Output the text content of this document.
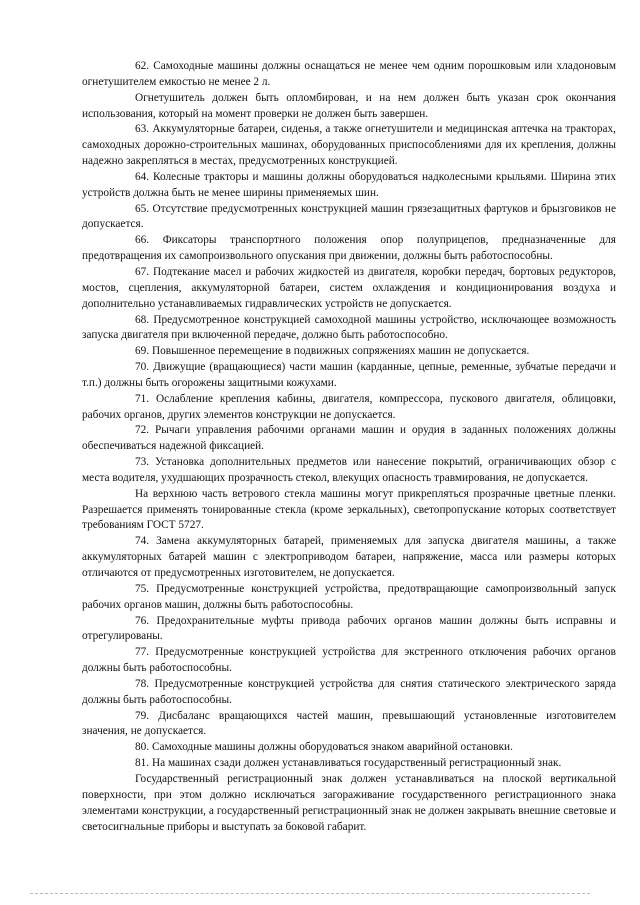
62. Самоходные машины должны оснащаться не менее чем одним порошковым или хладоновым огнетушителем емкостью не менее 2 л.

Огнетушитель должен быть опломбирован, и на нем должен быть указан срок окончания использования, который на момент проверки не должен быть завершен.

63. Аккумуляторные батареи, сиденья, а также огнетушители и медицинская аптечка на тракторах, самоходных дорожно-строительных машинах, оборудованных приспособлениями для их крепления, должны надежно закрепляться в местах, предусмотренных конструкцией.

64. Колесные тракторы и машины должны оборудоваться надколесными крыльями. Ширина этих устройств должна быть не менее ширины применяемых шин.

65. Отсутствие предусмотренных конструкцией машин грязезащитных фартуков и брызговиков не допускается.

66. Фиксаторы транспортного положения опор полуприцепов, предназначенные для предотвращения их самопроизвольного опускания при движении, должны быть работоспособны.

67. Подтекание масел и рабочих жидкостей из двигателя, коробки передач, бортовых редукторов, мостов, сцепления, аккумуляторной батареи, систем охлаждения и кондиционирования воздуха и дополнительно устанавливаемых гидравлических устройств не допускается.

68. Предусмотренное конструкцией самоходной машины устройство, исключающее возможность запуска двигателя при включенной передаче, должно быть работоспособно.

69. Повышенное перемещение в подвижных сопряжениях машин не допускается.

70. Движущие (вращающиеся) части машин (карданные, цепные, ременные, зубчатые передачи и т.п.) должны быть огорожены защитными кожухами.

71. Ослабление крепления кабины, двигателя, компрессора, пускового двигателя, облицовки, рабочих органов, других элементов конструкции не допускается.

72. Рычаги управления рабочими органами машин и орудия в заданных положениях должны обеспечиваться надежной фиксацией.

73. Установка дополнительных предметов или нанесение покрытий, ограничивающих обзор с места водителя, ухудшающих прозрачность стекол, влекущих опасность травмирования, не допускается.

На верхнюю часть ветрового стекла машины могут прикрепляться прозрачные цветные пленки. Разрешается применять тонированные стекла (кроме зеркальных), светопропускание которых соответствует требованиям ГОСТ 5727.

74. Замена аккумуляторных батарей, применяемых для запуска двигателя машины, а также аккумуляторных батарей машин с электроприводом батареи, напряжение, масса или размеры которых отличаются от предусмотренных изготовителем, не допускается.

75. Предусмотренные конструкцией устройства, предотвращающие самопроизвольный запуск рабочих органов машин, должны быть работоспособны.

76. Предохранительные муфты привода рабочих органов машин должны быть исправны и отрегулированы.

77. Предусмотренные конструкцией устройства для экстренного отключения рабочих органов должны быть работоспособны.

78. Предусмотренные конструкцией устройства для снятия статического электрического заряда должны быть работоспособны.

79. Дисбаланс вращающихся частей машин, превышающий установленные изготовителем значения, не допускается.

80. Самоходные машины должны оборудоваться знаком аварийной остановки.

81. На машинах сзади должен устанавливаться государственный регистрационный знак.

Государственный регистрационный знак должен устанавливаться на плоской вертикальной поверхности, при этом должно исключаться загораживание государственного регистрационного знака элементами конструкции, а государственный регистрационный знак не должен закрывать внешние световые и светосигнальные приборы и выступать за боковой габарит.
